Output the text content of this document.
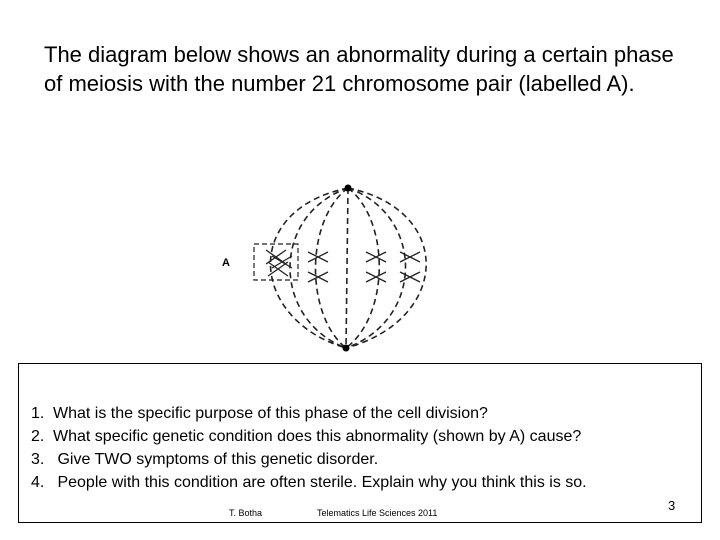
The diagram below shows an abnormality during a certain phase of meiosis with the number 21 chromosome pair (labelled A).

A
1. What is the specific purpose of this phase of the cell division?
2. What specific genetic condition does this abnormality (shown by A) cause?
3. Give TWO symptoms of this genetic disorder.
4. People with this condition are often sterile. Explain why you think this is so.
T. Botha	Telematics Life Sciences 2011	3
